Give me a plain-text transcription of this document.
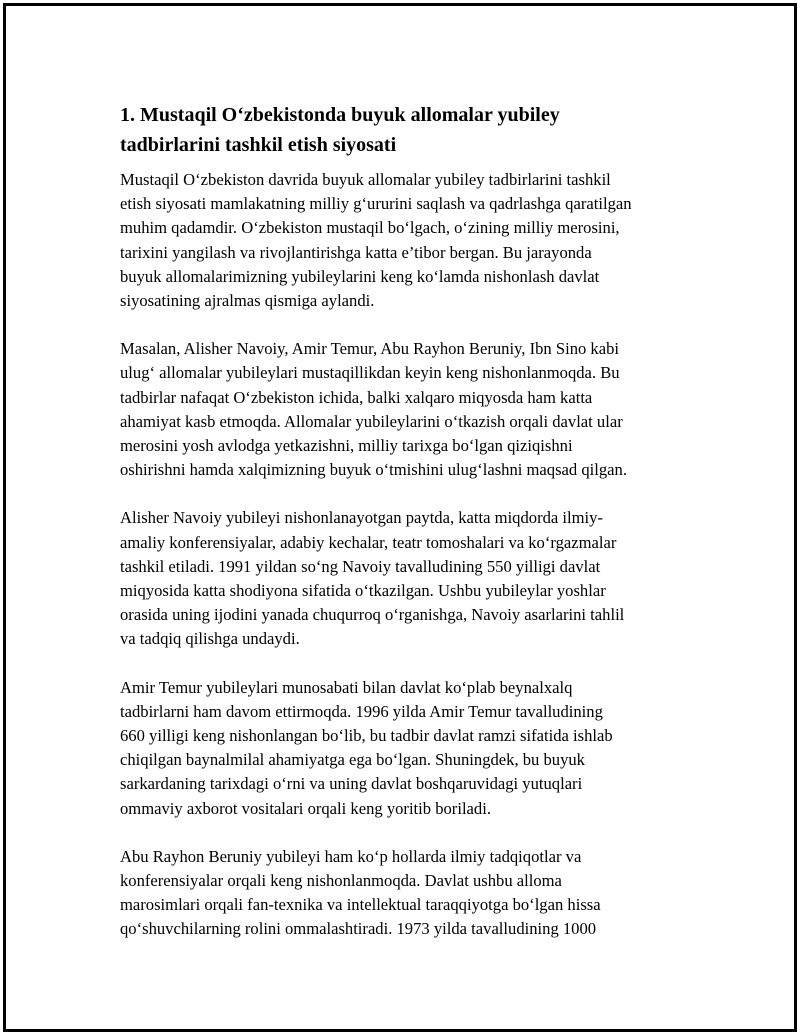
1. Mustaqil O‘zbekistonda buyuk allomalar yubiley
tadbirlarini tashkil etish siyosati

Mustaqil O‘zbekiston davrida buyuk allomalar yubiley tadbirlarini tashkil
etish siyosati mamlakatning milliy g‘ururini saqlash va qadrlashga qaratilgan
muhim qadamdir. O‘zbekiston mustaqil bo‘lgach, o‘zining milliy merosini,
tarixini yangilash va rivojlantirishga katta e’tibor bergan. Bu jarayonda
buyuk allomalarimizning yubileylarini keng ko‘lamda nishonlash davlat
siyosatining ajralmas qismiga aylandi.

Masalan, Alisher Navoiy, Amir Temur, Abu Rayhon Beruniy, Ibn Sino kabi
ulug‘ allomalar yubileylari mustaqillikdan keyin keng nishonlanmoqda. Bu
tadbirlar nafaqat O‘zbekiston ichida, balki xalqaro miqyosda ham katta
ahamiyat kasb etmoqda. Allomalar yubileylarini o‘tkazish orqali davlat ular
merosini yosh avlodga yetkazishni, milliy tarixga bo‘lgan qiziqishni
oshirishni hamda xalqimizning buyuk o‘tmishini ulug‘lashni maqsad qilgan.

Alisher Navoiy yubileyi nishonlanayotgan paytda, katta miqdorda ilmiy-
amaliy konferensiyalar, adabiy kechalar, teatr tomoshalari va ko‘rgazmalar
tashkil etiladi. 1991 yildan so‘ng Navoiy tavalludining 550 yilligi davlat
miqyosida katta shodiyona sifatida o‘tkazilgan. Ushbu yubileylar yoshlar
orasida uning ijodini yanada chuqurroq o‘rganishga, Navoiy asarlarini tahlil
va tadqiq qilishga undaydi.

Amir Temur yubileylari munosabati bilan davlat ko‘plab beynalxalq
tadbirlarni ham davom ettirmoqda. 1996 yilda Amir Temur tavalludining
660 yilligi keng nishonlangan bo‘lib, bu tadbir davlat ramzi sifatida ishlab
chiqilgan baynalmilal ahamiyatga ega bo‘lgan. Shuningdek, bu buyuk
sarkardaning tarixdagi o‘rni va uning davlat boshqaruvidagi yutuqlari
ommaviy axborot vositalari orqali keng yoritib boriladi.

Abu Rayhon Beruniy yubileyi ham ko‘p hollarda ilmiy tadqiqotlar va
konferensiyalar orqali keng nishonlanmoqda. Davlat ushbu alloma
marosimlari orqali fan-texnika va intellektual taraqqiyotga bo‘lgan hissa
qo‘shuvchilarning rolini ommalashtiradi. 1973 yilda tavalludining 1000
